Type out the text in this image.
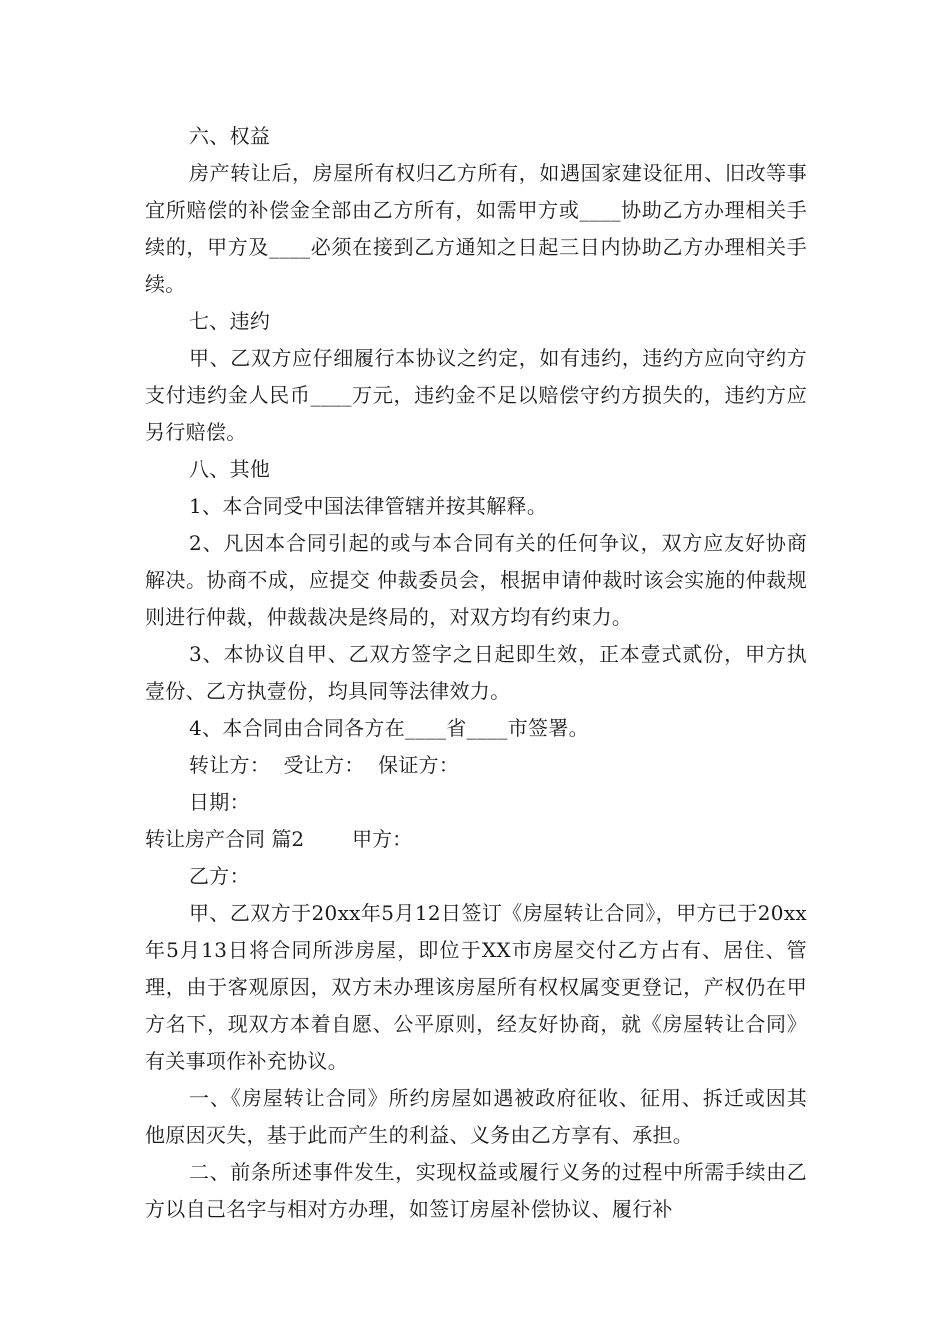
六、权益

房产转让后，房屋所有权归乙方所有，如遇国家建设征用、旧改等事宜所赔偿的补偿金全部由乙方所有，如需甲方或____协助乙方办理相关手续的，甲方及____必须在接到乙方通知之日起三日内协助乙方办理相关手续。

七、违约

甲、乙双方应仔细履行本协议之约定，如有违约，违约方应向守约方支付违约金人民币____万元，违约金不足以赔偿守约方损失的，违约方应另行赔偿。

八、其他

1、本合同受中国法律管辖并按其解释。

2、凡因本合同引起的或与本合同有关的任何争议，双方应友好协商解决。协商不成，应提交 仲裁委员会，根据申请仲裁时该会实施的仲裁规则进行仲裁，仲裁裁决是终局的，对双方均有约束力。

3、本协议自甲、乙双方签字之日起即生效，正本壹式贰份，甲方执壹份、乙方执壹份，均具同等法律效力。

4、本合同由合同各方在____省____市签署。

转让方：  受让方：  保证方：

日期：

转让房产合同 篇2 甲方：

乙方：

甲、乙双方于20xx年5月12日签订《房屋转让合同》，甲方已于20xx年5月13日将合同所涉房屋，即位于XX市房屋交付乙方占有、居住、管理，由于客观原因，双方未办理该房屋所有权权属变更登记，产权仍在甲方名下，现双方本着自愿、公平原则，经友好协商，就《房屋转让合同》有关事项作补充协议。

一、《房屋转让合同》所约房屋如遇被政府征收、征用、拆迁或因其他原因灭失，基于此而产生的利益、义务由乙方享有、承担。

二、前条所述事件发生，实现权益或履行义务的过程中所需手续由乙方以自己名字与相对方办理，如签订房屋补偿协议、履行补
